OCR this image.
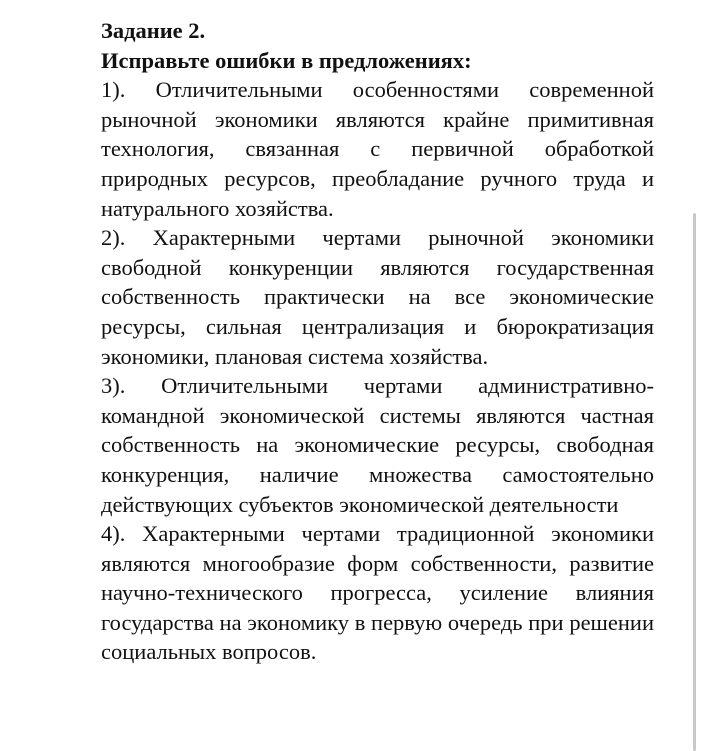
Задание 2.

Исправьте ошибки в предложениях:

1). Отличительными особенностями современной рыночной экономики являются крайне примитивная технология, связанная с первичной обработкой природных ресурсов, преобладание ручного труда и натурального хозяйства.

2). Характерными чертами рыночной экономики свободной конкуренции являются государственная собственность практически на все экономические ресурсы, сильная централизация и бюрократизация экономики, плановая система хозяйства.

3). Отличительными чертами административно-командной экономической системы являются частная собственность на экономические ресурсы, свободная конкуренция, наличие множества самостоятельно действующих субъектов экономической деятельности

4). Характерными чертами традиционной экономики являются многообразие форм собственности, развитие научно-технического прогресса, усиление влияния государства на экономику в первую очередь при решении социальных вопросов.
